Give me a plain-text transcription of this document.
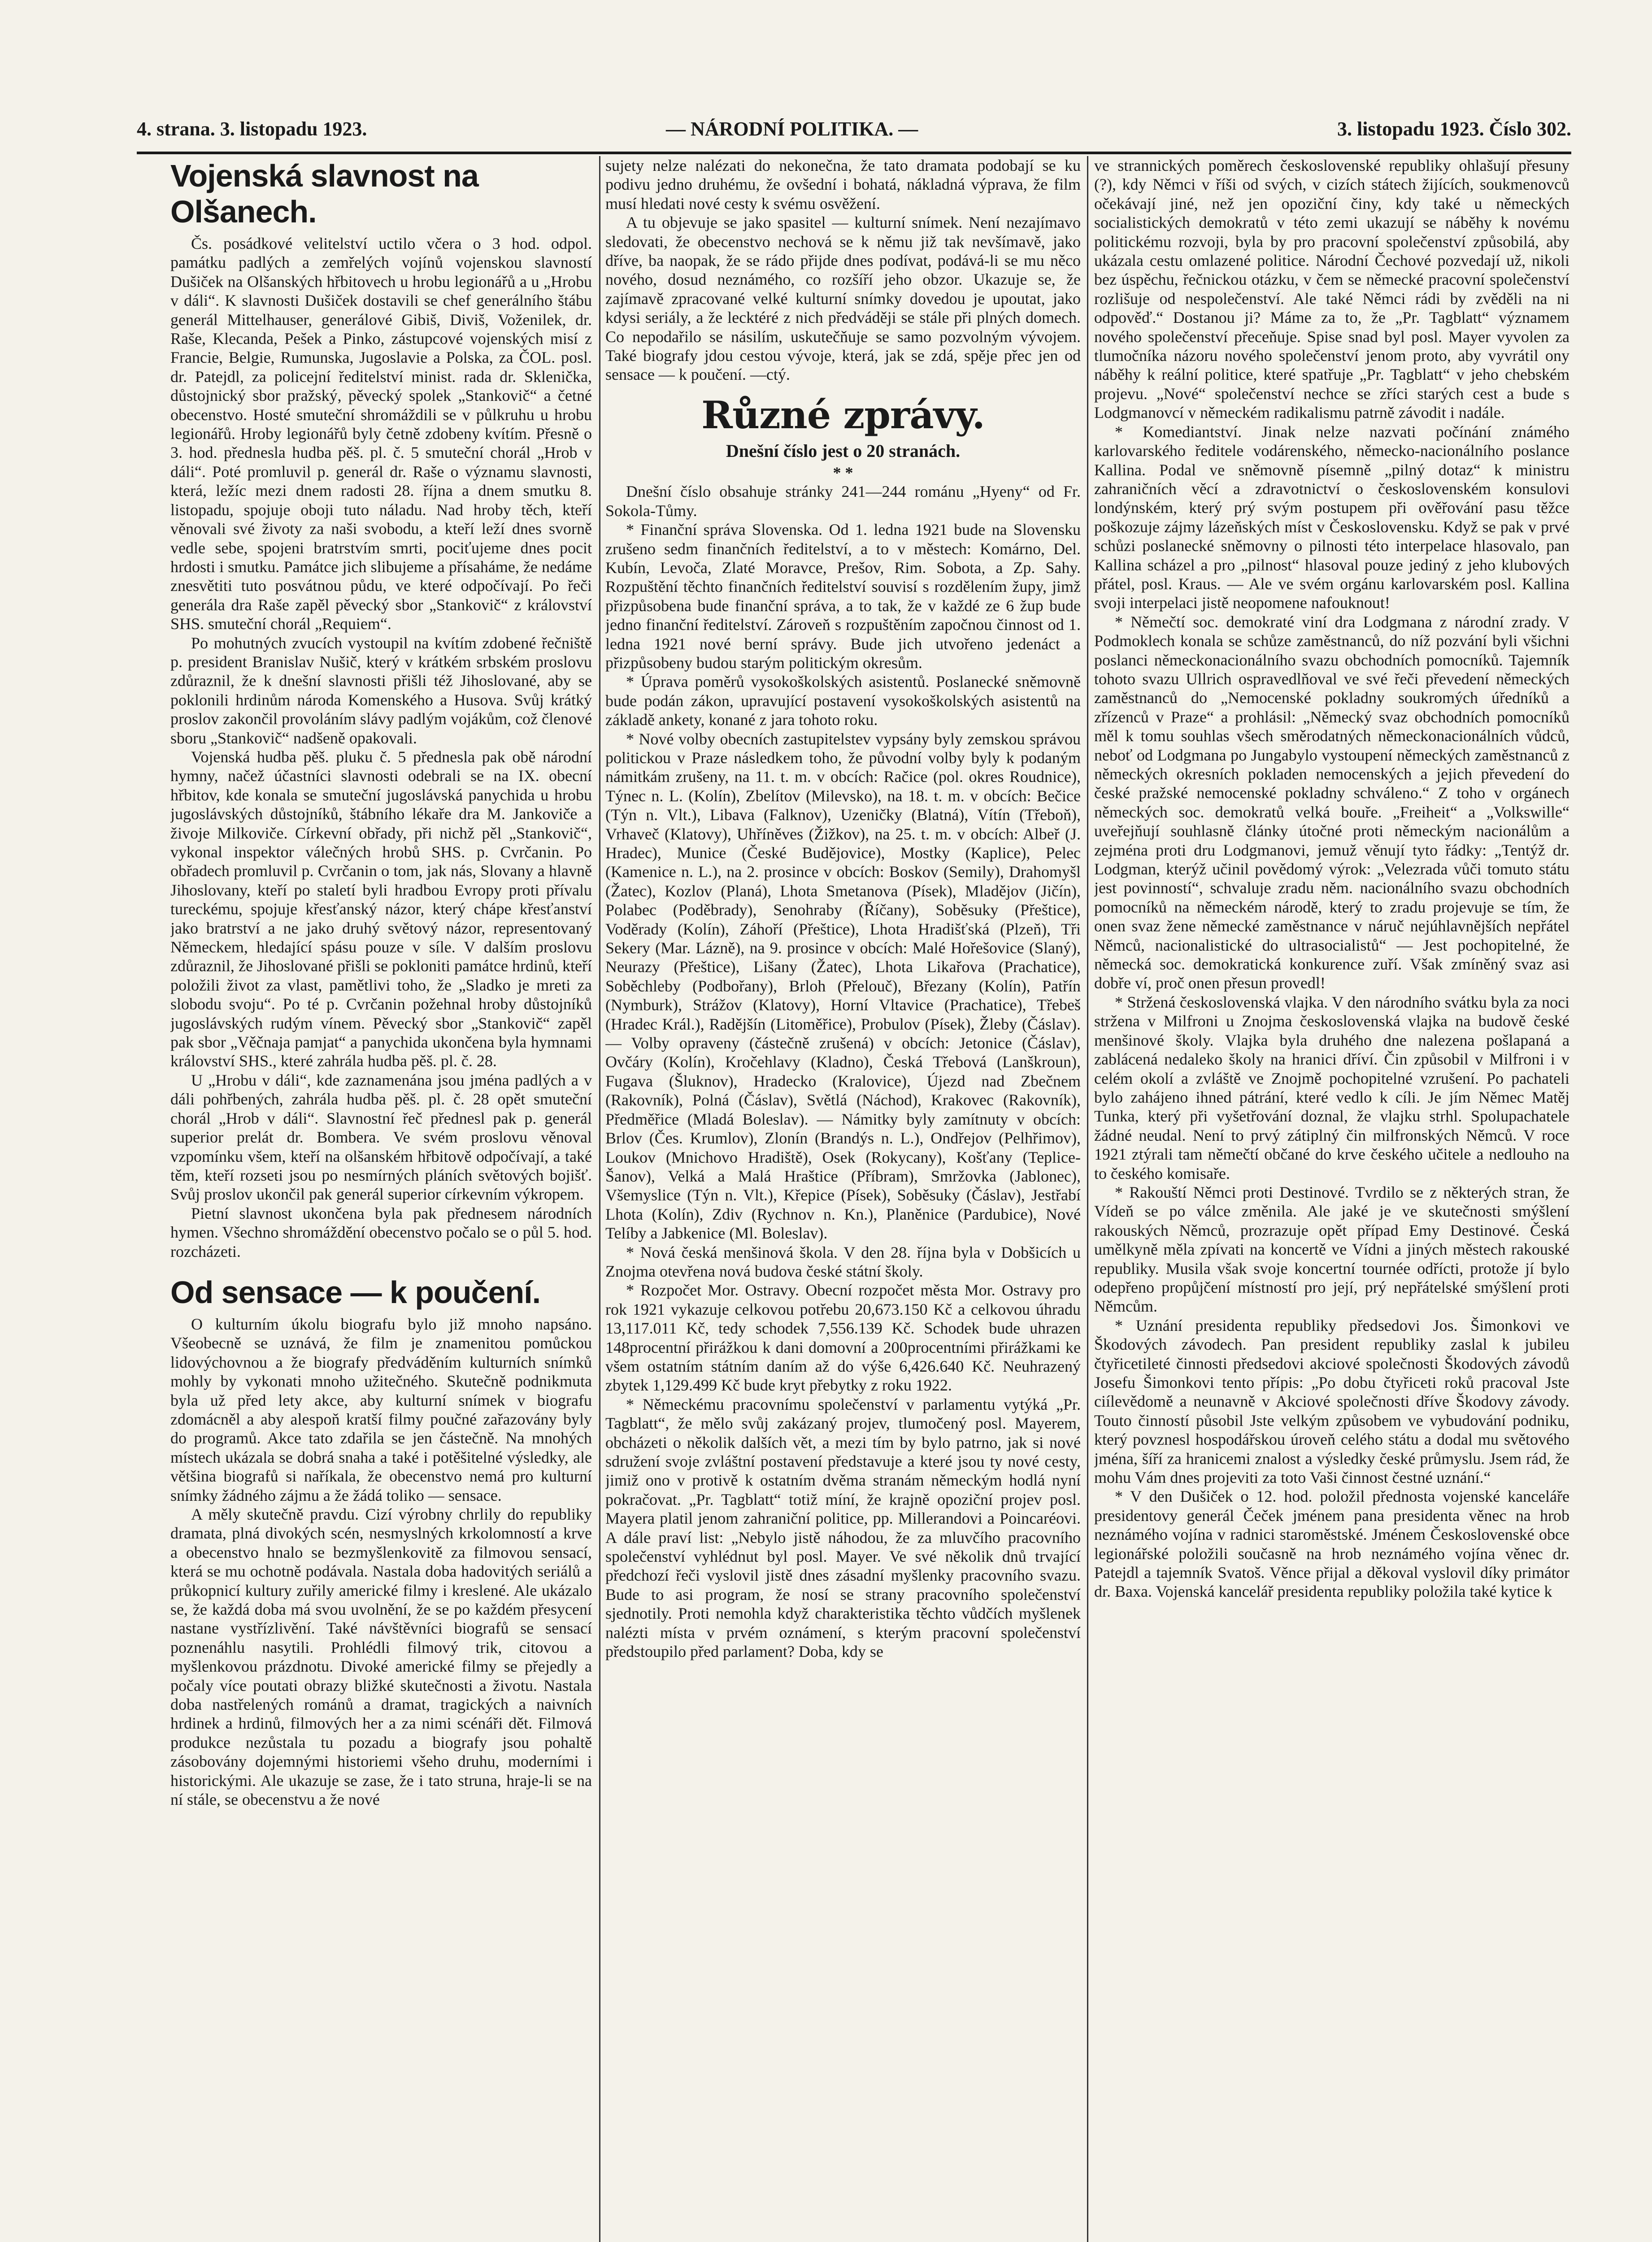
4. strana. 3. listopadu 1923.	— NÁRODNÍ POLITIKA. —	3. listopadu 1923. Číslo 302.
Vojenská slavnost na Olšanech.

Čs. posádkové velitelství uctilo včera o 3 hod. odpol. památku padlých a zemřelých vojínů vojenskou slavností Dušiček na Olšanských hřbitovech u hrobu legionářů a u „Hrobu v dáli“. K slavnosti Dušiček dostavili se chef generálního štábu generál Mittelhauser, generálové Gibiš, Diviš, Voženilek, dr. Raše, Klecanda, Pešek a Pinko, zástupcové vojenských misí z Francie, Belgie, Rumunska, Jugoslavie a Polska, za ČOL. posl. dr. Patejdl, za policejní ředitelství minist. rada dr. Sklenička, důstojnický sbor pražský, pěvecký spolek „Stankovič“ a četné obecenstvo. Hosté smuteční shromáždili se v půlkruhu u hrobu legionářů. Hroby legionářů byly četně zdobeny kvítím. Přesně o 3. hod. přednesla hudba pěš. pl. č. 5 smuteční chorál „Hrob v dáli“. Poté promluvil p. generál dr. Raše o významu slavnosti, která, ležíc mezi dnem radosti 28. října a dnem smutku 8. listopadu, spojuje oboji tuto náladu. Nad hroby těch, kteří věnovali své životy za naši svobodu, a kteří leží dnes svorně vedle sebe, spojeni bratrstvím smrti, pociťujeme dnes pocit hrdosti i smutku. Památce jich slibujeme a přísaháme, že nedáme znesvětiti tuto posvátnou půdu, ve které odpočívají. Po řeči generála dra Raše zapěl pěvecký sbor „Stankovič“ z království SHS. smuteční chorál „Requiem“.

Po mohutných zvucích vystoupil na kvítím zdobené řečniště p. president Branislav Nušič, který v krátkém srbském proslovu zdůraznil, že k dnešní slavnosti přišli též Jihoslované, aby se poklonili hrdinům národa Komenského a Husova. Svůj krátký proslov zakončil provoláním slávy padlým vojákům, což členové sboru „Stankovič“ nadšeně opakovali.

Vojenská hudba pěš. pluku č. 5 přednesla pak obě národní hymny, načež účastníci slavnosti odebrali se na IX. obecní hřbitov, kde konala se smuteční jugoslávská panychida u hrobu jugoslávských důstojníků, štábního lékaře dra M. Jankoviče a živoje Milkoviče. Církevní obřady, při nichž pěl „Stankovič“, vykonal inspektor válečných hrobů SHS. p. Cvrčanin. Po obřadech promluvil p. Cvrčanin o tom, jak nás, Slovany a hlavně Jihoslovany, kteří po staletí byli hradbou Evropy proti přívalu tureckému, spojuje křesťanský názor, který chápe křesťanství jako bratrství a ne jako druhý světový názor, representovaný Německem, hledající spásu pouze v síle. V dalším proslovu zdůraznil, že Jihoslované přišli se pokloniti památce hrdinů, kteří položili život za vlast, pamětlivi toho, že „Sladko je mreti za slobodu svoju“. Po té p. Cvrčanin požehnal hroby důstojníků jugoslávských rudým vínem. Pěvecký sbor „Stankovič“ zapěl pak sbor „Věčnaja pamjat“ a panychida ukončena byla hymnami království SHS., které zahrála hudba pěš. pl. č. 28.

U „Hrobu v dáli“, kde zaznamenána jsou jména padlých a v dáli pohřbených, zahrála hudba pěš. pl. č. 28 opět smuteční chorál „Hrob v dáli“. Slavnostní řeč přednesl pak p. generál superior prelát dr. Bombera. Ve svém proslovu věnoval vzpomínku všem, kteří na olšanském hřbitově odpočívají, a také těm, kteří rozseti jsou po nesmírných pláních světových bojišť. Svůj proslov ukončil pak generál superior církevním výkropem.

Pietní slavnost ukončena byla pak přednesem národních hymen. Všechno shromáždění obecenstvo počalo se o půl 5. hod. rozcházeti.

Od sensace — k poučení.

O kulturním úkolu biografu bylo již mnoho napsáno. Všeobecně se uznává, že film je znamenitou pomůckou lidovýchovnou a že biografy předváděním kulturních snímků mohly by vykonati mnoho užitečného. Skutečně podnikmuta byla už před lety akce, aby kulturní snímek v biografu zdomácněl a aby alespoň kratší filmy poučné zařazovány byly do programů. Akce tato zdařila se jen částečně. Na mnohých místech ukázala se dobrá snaha a také i potěšitelné výsledky, ale většina biografů si naříkala, že obecenstvo nemá pro kulturní snímky žádného zájmu a že žádá toliko — sensace.

A měly skutečně pravdu. Cizí výrobny chrlily do republiky dramata, plná divokých scén, nesmyslných krkolomností a krve a obecenstvo hnalo se bezmyšlenkovitě za filmovou sensací, která se mu ochotně podávala. Nastala doba hadovitých seriálů a průkopnicí kultury zuřily americké filmy i kreslené. Ale ukázalo se, že každá doba má svou uvolnění, že se po každém přesycení nastane vystřízlivění. Také návštěvníci biografů se sensací poznenáhlu nasytili. Prohlédli filmový trik, citovou a myšlenkovou prázdnotu. Divoké americké filmy se přejedly a počaly více poutati obrazy bližké skutečnosti a životu. Nastala doba nastřelených románů a dramat, tragických a naivních hrdinek a hrdinů, filmových her a za nimi scénáři dět. Filmová produkce nezůstala tu pozadu a biografy jsou pohaltě zásobovány dojemnými historiemi všeho druhu, moderními i historickými. Ale ukazuje se zase, že i tato struna, hraje-li se na ní stále, se obecenstvu a že nové

sujety nelze nalézati do nekonečna, že tato dramata podobají se ku podivu jedno druhému, že ovšední i bohatá, nákladná výprava, že film musí hledati nové cesty k svému osvěžení.

A tu objevuje se jako spasitel — kulturní snímek. Není nezajímavo sledovati, že obecenstvo nechová se k němu již tak nevšímavě, jako dříve, ba naopak, že se rádo přijde dnes podívat, podává-li se mu něco nového, dosud neznámého, co rozšíří jeho obzor. Ukazuje se, že zajímavě zpracované velké kulturní snímky dovedou je upoutat, jako kdysi seriály, a že lecktéré z nich předváději se stále při plných domech. Co nepodařilo se násilím, uskutečňuje se samo pozvolným vývojem. Také biografy jdou cestou vývoje, která, jak se zdá, spěje přec jen od sensace — k poučení. —ctý.

Různé zprávy.
Dnešní číslo jest o 20 stranách.

* *

Dnešní číslo obsahuje stránky 241—244 románu „Hyeny“ od Fr. Sokola-Tůmy.

* Finanční správa Slovenska. Od 1. ledna 1921 bude na Slovensku zrušeno sedm finančních ředitelství, a to v městech: Komárno, Del. Kubín, Levoča, Zlaté Moravce, Prešov, Rim. Sobota, a Zp. Sahy. Rozpuštění těchto finančních ředitelství souvisí s rozdělením župy, jimž přizpůsobena bude finanční správa, a to tak, že v každé ze 6 žup bude jedno finanční ředitelství. Zároveň s rozpuštěním započnou činnost od 1. ledna 1921 nové berní správy. Bude jich utvořeno jedenáct a přizpůsobeny budou starým politickým okresům.

* Úprava poměrů vysokoškolských asistentů. Poslanecké sněmovně bude podán zákon, upravující postavení vysokoškolských asistentů na základě ankety, konané z jara tohoto roku.

* Nové volby obecních zastupitelstev vypsány byly zemskou správou politickou v Praze následkem toho, že původní volby byly k podaným námitkám zrušeny, na 11. t. m. v obcích: Račice (pol. okres Roudnice), Týnec n. L. (Kolín), Zbelítov (Milevsko), na 18. t. m. v obcích: Bečice (Týn n. Vlt.), Libava (Falknov), Uzeničky (Blatná), Vítín (Třeboň), Vrhaveč (Klatovy), Uhříněves (Žižkov), na 25. t. m. v obcích: Albeř (J. Hradec), Munice (České Budějovice), Mostky (Kaplice), Pelec (Kamenice n. L.), na 2. prosince v obcích: Boskov (Semily), Drahomyšl (Žatec), Kozlov (Planá), Lhota Smetanova (Písek), Mladějov (Jičín), Polabec (Poděbrady), Senohraby (Říčany), Soběsuky (Přeštice), Voděrady (Kolín), Záhoří (Přeštice), Lhota Hradišťská (Plzeň), Tři Sekery (Mar. Lázně), na 9. prosince v obcích: Malé Hořešovice (Slaný), Neurazy (Přeštice), Lišany (Žatec), Lhota Likařova (Prachatice), Soběchleby (Podbořany), Brloh (Přelouč), Březany (Kolín), Patřín (Nymburk), Strážov (Klatovy), Horní Vltavice (Prachatice), Třebeš (Hradec Král.), Radějšín (Litoměřice), Probulov (Písek), Žleby (Čáslav). — Volby opraveny (částečně zrušená) v obcích: Jetonice (Čáslav), Ovčáry (Kolín), Kročehlavy (Kladno), Česká Třebová (Lanškroun), Fugava (Šluknov), Hradecko (Kralovice), Újezd nad Zbečnem (Rakovník), Polná (Čáslav), Světlá (Náchod), Krakovec (Rakovník), Předměřice (Mladá Boleslav). — Námitky byly zamítnuty v obcích: Brlov (Čes. Krumlov), Zlonín (Brandýs n. L.), Ondřejov (Pelhřimov), Loukov (Mnichovo Hradiště), Osek (Rokycany), Košťany (Teplice-Šanov), Velká a Malá Hraštice (Příbram), Smržovka (Jablonec), Všemyslice (Týn n. Vlt.), Křepice (Písek), Soběsuky (Čáslav), Jestřabí Lhota (Kolín), Zdiv (Rychnov n. Kn.), Planěnice (Pardubice), Nové Telíby a Jabkenice (Ml. Boleslav).

* Nová česká menšinová škola. V den 28. října byla v Dobšicích u Znojma otevřena nová budova české státní školy.

* Rozpočet Mor. Ostravy. Obecní rozpočet města Mor. Ostravy pro rok 1921 vykazuje celkovou potřebu 20,673.150 Kč a celkovou úhradu 13,117.011 Kč, tedy schodek 7,556.139 Kč. Schodek bude uhrazen 148procentní přirážkou k dani domovní a 200procentními přirážkami ke všem ostatním státním daním až do výše 6,426.640 Kč. Neuhrazený zbytek 1,129.499 Kč bude kryt přebytky z roku 1922.

* Německému pracovnímu společenství v parlamentu vytýká „Pr. Tagblatt“, že mělo svůj zakázaný projev, tlumočený posl. Mayerem, obcházeti o několik dalších vět, a mezi tím by bylo patrno, jak si nové sdružení svoje zvláštní postavení představuje a které jsou ty nové cesty, jimiž ono v protivě k ostatním dvěma stranám německým hodlá nyní pokračovat. „Pr. Tagblatt“ totiž míní, že krajně opoziční projev posl. Mayera platil jenom zahraniční politice, pp. Millerandovi a Poincaréovi. A dále praví list: „Nebylo jistě náhodou, že za mluvčího pracovního společenství vyhlédnut byl posl. Mayer. Ve své několik dnů trvající předchozí řeči vyslovil jistě dnes zásadní myšlenky pracovního svazu. Bude to asi program, že nosí se strany pracovního společenství sjednotily. Proti nemohla když charakteristika těchto vůdčích myšlenek nalézti místa v prvém oznámení, s kterým pracovní společenství předstoupilo před parlament? Doba, kdy se

ve strannických poměrech československé republiky ohlašují přesuny (?), kdy Němci v říši od svých, v cizích státech žijících, soukmenovců očekávají jiné, než jen opoziční činy, kdy také u německých socialistických demokratů v této zemi ukazují se náběhy k novému politickému rozvoji, byla by pro pracovní společenství způsobilá, aby ukázala cestu omlazené politice. Národní Čechové pozvedají už, nikoli bez úspěchu, řečnickou otázku, v čem se německé pracovní společenství rozlišuje od nespolečenství. Ale také Němci rádi by zvěděli na ni odpověď.“ Dostanou ji? Máme za to, že „Pr. Tagblatt“ významem nového společenství přeceňuje. Spise snad byl posl. Mayer vyvolen za tlumočníka názoru nového společenství jenom proto, aby vyvrátil ony náběhy k reální politice, které spatřuje „Pr. Tagblatt“ v jeho chebském projevu. „Nové“ společenství nechce se zříci starých cest a bude s Lodgmanovcí v německém radikalismu patrně závodit i nadále.

* Komediantství. Jinak nelze nazvati počínání známého karlovarského ředitele vodárenského, německo-nacionálního poslance Kallina. Podal ve sněmovně písemně „pilný dotaz“ k ministru zahraničních věcí a zdravotnictví o československém konsulovi londýnském, který prý svým postupem při ověřování pasu těžce poškozuje zájmy lázeňských míst v Československu. Když se pak v prvé schůzi poslanecké sněmovny o pilnosti této interpelace hlasovalo, pan Kallina scházel a pro „pilnost“ hlasoval pouze jediný z jeho klubových přátel, posl. Kraus. — Ale ve svém orgánu karlovarském posl. Kallina svoji interpelaci jistě neopomene nafouknout!

* Němečtí soc. demokraté viní dra Lodgmana z národní zrady. V Podmoklech konala se schůze zaměstnanců, do níž pozvání byli všichni poslanci německonacionálního svazu obchodních pomocníků. Tajemník tohoto svazu Ullrich ospravedlňoval ve své řeči převedení německých zaměstnanců do „Nemocenské pokladny soukromých úředníků a zřízenců v Praze“ a prohlásil: „Německý svaz obchodních pomocníků měl k tomu souhlas všech směrodatných německonacionálních vůdců, neboť od Lodgmana po Jungabylo vystoupení německých zaměstnanců z německých okresních pokladen nemocenských a jejich převedení do české pražské nemocenské pokladny schváleno.“ Z toho v orgánech německých soc. demokratů velká bouře. „Freiheit“ a „Volkswille“ uveřejňují souhlasně články útočné proti německým nacionálům a zejména proti dru Lodgmanovi, jemuž věnují tyto řádky: „Tentýž dr. Lodgman, kterýž učinil povědomý výrok: „Velezrada vůči tomuto státu jest povinností“, schvaluje zradu něm. nacionálního svazu obchodních pomocníků na německém národě, který to zradu projevuje se tím, že onen svaz žene německé zaměstnance v náruč nejúhlavnějších nepřátel Němců, nacionalistické do ultrasocialistů“ — Jest pochopitelné, že německá soc. demokratická konkurence zuří. Však zmíněný svaz asi dobře ví, proč onen přesun provedl!

* Stržená československá vlajka. V den národního svátku byla za noci stržena v Milfroni u Znojma československá vlajka na budově české menšinové školy. Vlajka byla druhého dne nalezena pošlapaná a zablácená nedaleko školy na hranici dříví. Čin způsobil v Milfroni i v celém okolí a zvláště ve Znojmě pochopitelné vzrušení. Po pachateli bylo zahájeno ihned pátrání, které vedlo k cíli. Je jím Němec Matěj Tunka, který při vyšetřování doznal, že vlajku strhl. Spolupachatele žádné neudal. Není to prvý zátiplný čin milfronských Němců. V roce 1921 ztýrali tam němečtí občané do krve českého učitele a nedlouho na to českého komisaře.

* Rakouští Němci proti Destinové. Tvrdilo se z některých stran, že Vídeň se po válce změnila. Ale jaké je ve skutečnosti smýšlení rakouských Němců, prozrazuje opět případ Emy Destinové. Česká umělkyně měla zpívati na koncertě ve Vídni a jiných městech rakouské republiky. Musila však svoje koncertní tournée odřícti, protože jí bylo odepřeno propůjčení místností pro její, prý nepřátelské smýšlení proti Němcům.

* Uznání presidenta republiky předsedovi Jos. Šimonkovi ve Škodových závodech. Pan president republiky zaslal k jubileu čtyřicetileté činnosti předsedovi akciové společnosti Škodových závodů Josefu Šimonkovi tento přípis: „Po dobu čtyřiceti roků pracoval Jste ciílevědomě a neunavně v Akciové společnosti dříve Škodovy závody. Touto činností působil Jste velkým způsobem ve vybudování podniku, který povznesl hospodářskou úroveň celého státu a dodal mu světového jména, šíří za hranicemi znalost a výsledky české průmyslu. Jsem rád, že mohu Vám dnes projeviti za toto Vaši činnost čestné uznání.“

* V den Dušiček o 12. hod. položil přednosta vojenské kanceláře presidentovy generál Čeček jménem pana presidenta věnec na hrob neznámého vojína v radnici staroměstské. Jménem Československé obce legionářské položili současně na hrob neznámého vojína věnec dr. Patejdl a tajemník Svatoš. Věnce přijal a děkoval vyslovil díky primátor dr. Baxa. Vojenská kancelář presidenta republiky položila také kytice k
